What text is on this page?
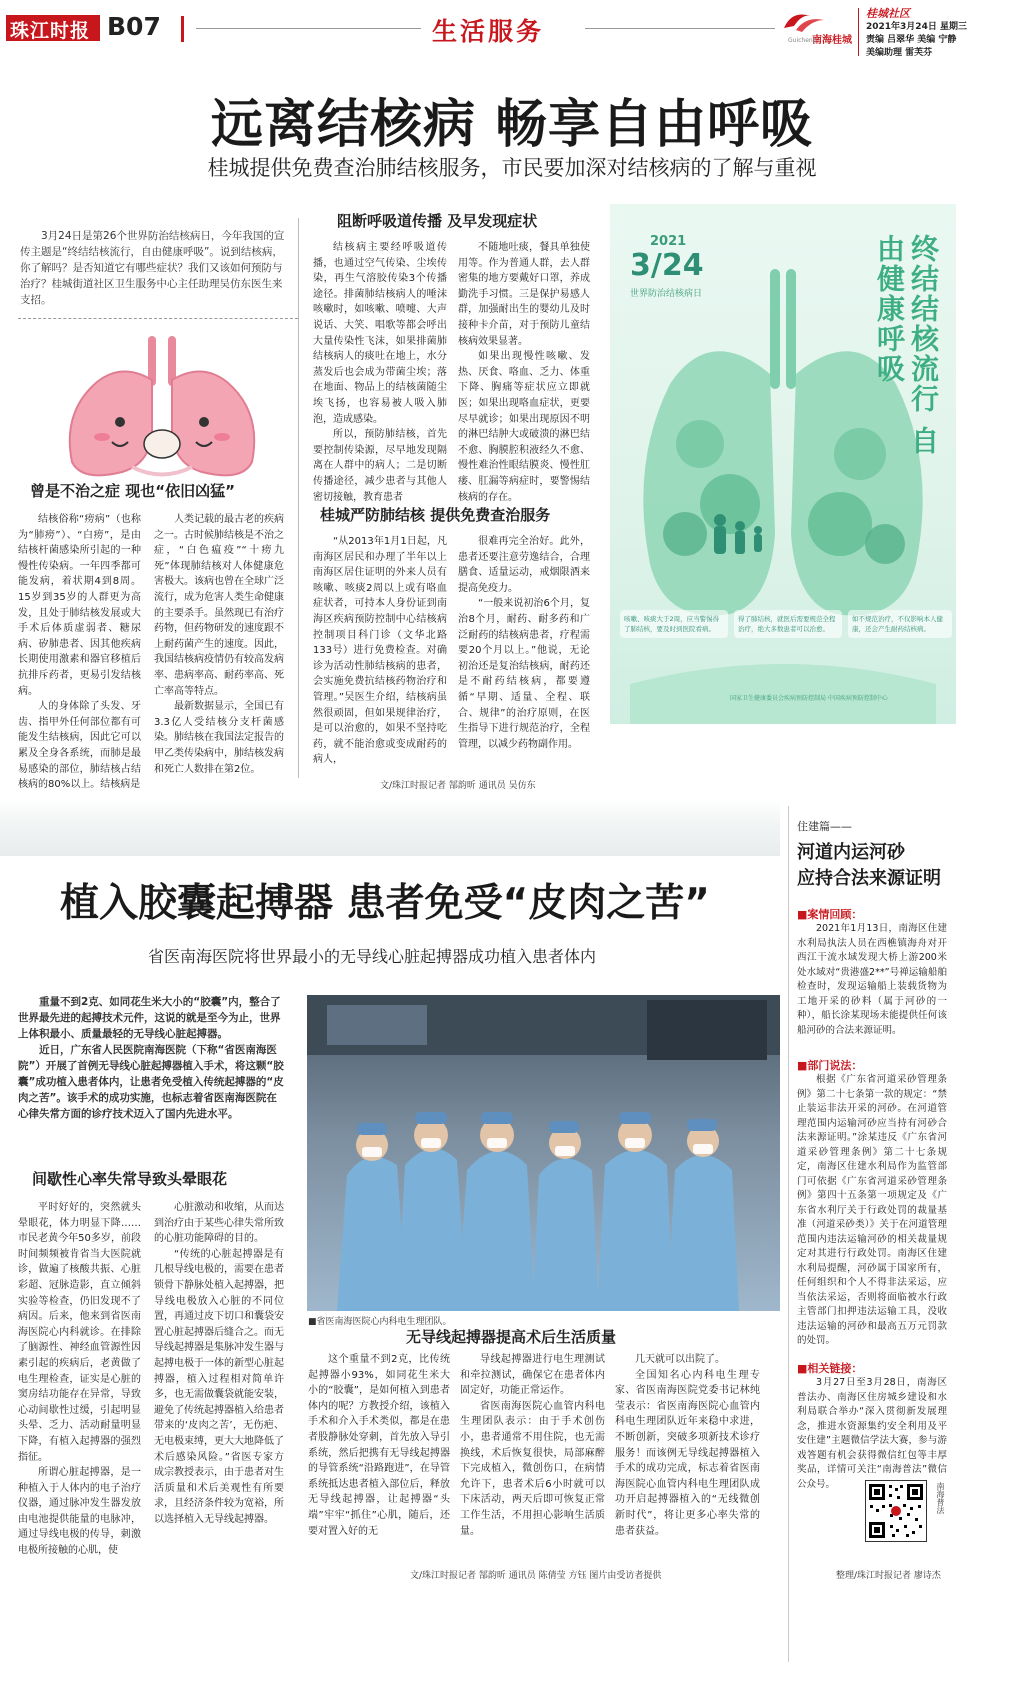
珠江时报 B07	生活服务	南海桂城
Guicheng
桂城社区
2021年3月24日 星期三
责编 吕翠华 美编 宁静
美编助理 雷芙芬
远离结核病 畅享自由呼吸
桂城提供免费查治肺结核服务，市民要加深对结核病的了解与重视

3月24日是第26个世界防治结核病日，今年我国的宣传主题是“终结结核流行，自由健康呼吸”。说到结核病，你了解吗？是否知道它有哪些症状？我们又该如何预防与治疗？桂城街道社区卫生服务中心主任助理吴仿东医生来支招。

曾是不治之症 现也“依旧凶猛”

结核俗称“痨病”（也称为“肺痨”）、“白痨”，是由结核杆菌感染所引起的一种慢性传染病。一年四季都可能发病，着状期4到8周。15岁到35岁的人群更为高发，且处于肺结核发展或大手术后体质虚弱者、糖尿病、矽肺患者、因其他疾病长期使用激素和器官移植后抗排斥药者，更易引发结核病。

人的身体除了头发、牙齿、指甲外任何部位都有可能发生结核病，因此它可以累及全身各系统，而肺是最易感染的部位，肺结核占结核病的80%以上。结核病是

人类记载的最古老的疾病之一。古时候肺结核是不治之症，“白色瘟疫”“十痨九死”体现肺结核对人体健康危害极大。该病也曾在全球广泛流行，成为危害人类生命健康的主要杀手。虽然现已有治疗药物，但药物研发的速度跟不上耐药菌产生的速度。因此，我国结核病疫情仍有较高发病率、患病率高、耐药率高、死亡率高等特点。

最新数据显示，全国已有3.3亿人受结核分支杆菌感染。肺结核在我国法定报告的甲乙类传染病中，肺结核发病和死亡人数排在第2位。

阻断呼吸道传播 及早发现症状

结核病主要经呼吸道传播，也通过空气传染、尘埃传染，再生气溶胶传染3个传播途径。排菌肺结核病人的唾沫咳嗽时，如咳嗽、喷嚏、大声说话、大笑、唱歌等都会呼出大量传染性飞沫，如果排菌肺结核病人的痰吐在地上，水分蒸发后也会成为带菌尘埃；落在地面、物品上的结核菌随尘埃飞扬，也容易被人吸入肺泡，造成感染。

所以，预防肺结核，首先要控制传染源，尽早地发现隔离在人群中的病人；二是切断传播途径，减少患者与其他人密切接触，教育患者

不随地吐痰，餐具单独使用等。作为普通人群，去人群密集的地方要戴好口罩，养成勤洗手习惯。三是保护易感人群，加强耐出生的婴幼儿及时接种卡介苗，对于预防儿童结核病效果显著。

如果出现慢性咳嗽、发热、厌食、咯血、乏力、体重下降、胸痛等症状应立即就医；如果出现咯血症状，更要尽早就诊；如果出现原因不明的淋巴结肿大或破溃的淋巴结不愈、胸膜腔积液经久不愈、慢性难治性眼结膜炎、慢性肛瘘、肛漏等病症时，要警惕结核病的存在。

桂城严防肺结核 提供免费查治服务

“从2013年1月1日起，凡南海区居民和办理了半年以上南海区居住证明的外来人员有咳嗽、咳痰2周以上或有咯血症状者，可持本人身份证到南海区疾病预防控制中心结核病控制项目科门诊（文华北路133号）进行免费检查。对确诊为活动性肺结核病的患者，会实施免费抗结核药物治疗和管理。”吴医生介绍，结核病虽然很顽固，但如果规律治疗，是可以治愈的，如果不坚持吃药，就不能治愈或变成耐药的病人，

很难再完全治好。此外，患者还要注意劳逸结合，合理膳食、适量运动，戒烟限酒来提高免疫力。

“一般来说初治6个月，复治8个月，耐药、耐多药和广泛耐药的结核病患者，疗程需要20个月以上。”他说，无论初治还是复治结核病，耐药还是不耐药结核病，都要遵循“早期、适量、全程、联合、规律”的治疗原则，在医生指导下进行规范治疗，全程管理，以减少药物副作用。

文/珠江时报记者 郜韵昕 通讯员 吴仿东
2021
3/24
世界防治结核病日	终结结核流行 自由健康呼吸
咳嗽、咳痰大于2周，应当警惕得了肺结核，要及时到医院看病。
得了肺结核，就医后需要规范全程治疗，绝大多数患者可以治愈。
如不规范治疗，不仅影响本人健康，还会产生耐药结核病。
国家卫生健康委员会疾病预防控制局 中国疾病预防控制中心
植入胶囊起搏器 患者免受“皮肉之苦”
省医南海医院将世界最小的无导线心脏起搏器成功植入患者体内

重量不到2克、如同花生米大小的“胶囊”内，整合了世界最先进的起搏技术元件，这说的就是至今为止，世界上体积最小、质量最轻的无导线心脏起搏器。

近日，广东省人民医院南海医院（下称“省医南海医院”）开展了首例无导线心脏起搏器植入手术，将这颗“胶囊”成功植入患者体内，让患者免受植入传统起搏器的“皮肉之苦”。该手术的成功实施，也标志着省医南海医院在心律失常方面的诊疗技术迈入了国内先进水平。

间歇性心率失常导致头晕眼花

平时好好的，突然就头晕眼花，体力明显下降……市民老黄今年50多岁，前段时间频频被肯省当大医院就诊，做遍了核酸共振、心脏彩超、冠脉造影，直立倾斜实验等检查，仍旧发现不了病因。后来，他来到省医南海医院心内科就诊。在排除了脑源性、神经血管源性因素引起的疾病后，老黄做了电生理检查，证实是心脏的窦房结功能存在异常，导致心动间歇性过缓，引起明显头晕、乏力、活动耐量明显下降，有植入起搏器的强烈指征。

所谓心脏起搏器，是一种植入于人体内的电子治疗仪器，通过脉冲发生器发放由电池提供能量的电脉冲，通过导线电极的传导，刺激电极所接触的心肌，使

心脏激动和收缩，从而达到治疗由于某些心律失常所致的心脏功能障碍的目的。

“传统的心脏起搏器是有几根导线电极的，需要在患者锁骨下静脉处植入起搏器，把导线电极放入心脏的不同位置，再通过皮下切口和囊袋安置心脏起搏器后缝合之。而无导线起搏器是集脉冲发生器与起搏电极于一体的新型心脏起搏器，植入过程相对简单许多，也无需做囊袋就能安装，避免了传统起搏器植入给患者带来的‘皮肉之苦’，无伤疤、无电极束缚，更大大地降低了术后感染风险。”省医专家方成宗教授表示，由于患者对生活质量和术后美观性有所要求，且经济条件较为宽裕，所以选择植入无导线起搏器。

■省医南海医院心内科电生理团队。
无导线起搏器提高术后生活质量

这个重量不到2克，比传统起搏器小93%，如同花生米大小的“胶囊”，是如何植入到患者体内的呢？方教授介绍，该植入手术和介入手术类似，都是在患者股静脉处穿刺，首先放入导引系统，然后把携有无导线起搏器的导管系统“沿路跑进”，在导管系统抵达患者植入部位后，释放无导线起搏器，让起搏器“头端”牢牢“抓住”心肌，随后，还要对置入好的无

导线起搏器进行电生理测试和牵拉测试，确保它在患者体内固定好，功能正常运作。

省医南海医院心血管内科电生理团队表示：由于手术创伤小，患者通常不用住院，也无需换线，术后恢复很快，局部麻醉下完成植入，微创伤口，在病情允许下，患者术后6小时就可以下床活动，两天后即可恢复正常工作生活，不用担心影响生活质量。

几天就可以出院了。

全国知名心内科电生理专家、省医南海医院党委书记林纯莹表示：省医南海医院心血管内科电生理团队近年来稳中求进，不断创新，突破多项新技术诊疗服务！而该例无导线起搏器植入手术的成功完成，标志着省医南海医院心血管内科电生理团队成功开启起搏器植入的“无线微创新时代”，将让更多心率失常的患者获益。

文/珠江时报记者 郜韵昕 通讯员 陈倩莹 方钰 图片由受访者提供
住建篇——
河道内运河砂
应持合法来源证明
■案情回顾：

2021年1月13日，南海区住建水利局执法人员在西樵镇海舟对开西江干流水域发现大桥上游200米处水域对“贵港盛2**”号禅运输船舶检查时，发现运输船上装载货物为工地开采的砂料（属于河砂的一种），船长涂某现场未能提供任何该船河砂的合法来源证明。

■部门说法：

根据《广东省河道采砂管理条例》第二十七条第一款的规定：“禁止装运非法开采的河砂。在河道管理范围内运输河砂应当持有河砂合法来源证明。”涂某违反《广东省河道采砂管理条例》第二十七条规定，南海区住建水利局作为监管部门可依据《广东省河道采砂管理条例》第四十五条第一项规定及《广东省水利厅关于行政处罚的裁量基准（河道采砂类）》关于在河道管理范围内违法运输河砂的相关裁量规定对其进行行政处罚。南海区住建水利局提醒，河砂属于国家所有，任何组织和个人不得非法采运，应当依法采运，否则将面临被水行政主管部门扣押违法运输工具，没收违法运输的河砂和最高五万元罚款的处罚。

■相关链接：

3月27日至3月28日，南海区普法办、南海区住房城乡建设和水利局联合举办“深入贯彻新发展理念，推进水资源集约安全利用及平安住建”主题微信学法大赛，参与游戏答题有机会获得微信红包等丰厚奖品，详情可关注“南海普法”微信公众号。	南海普法
整理/珠江时报记者 廖诗杰
